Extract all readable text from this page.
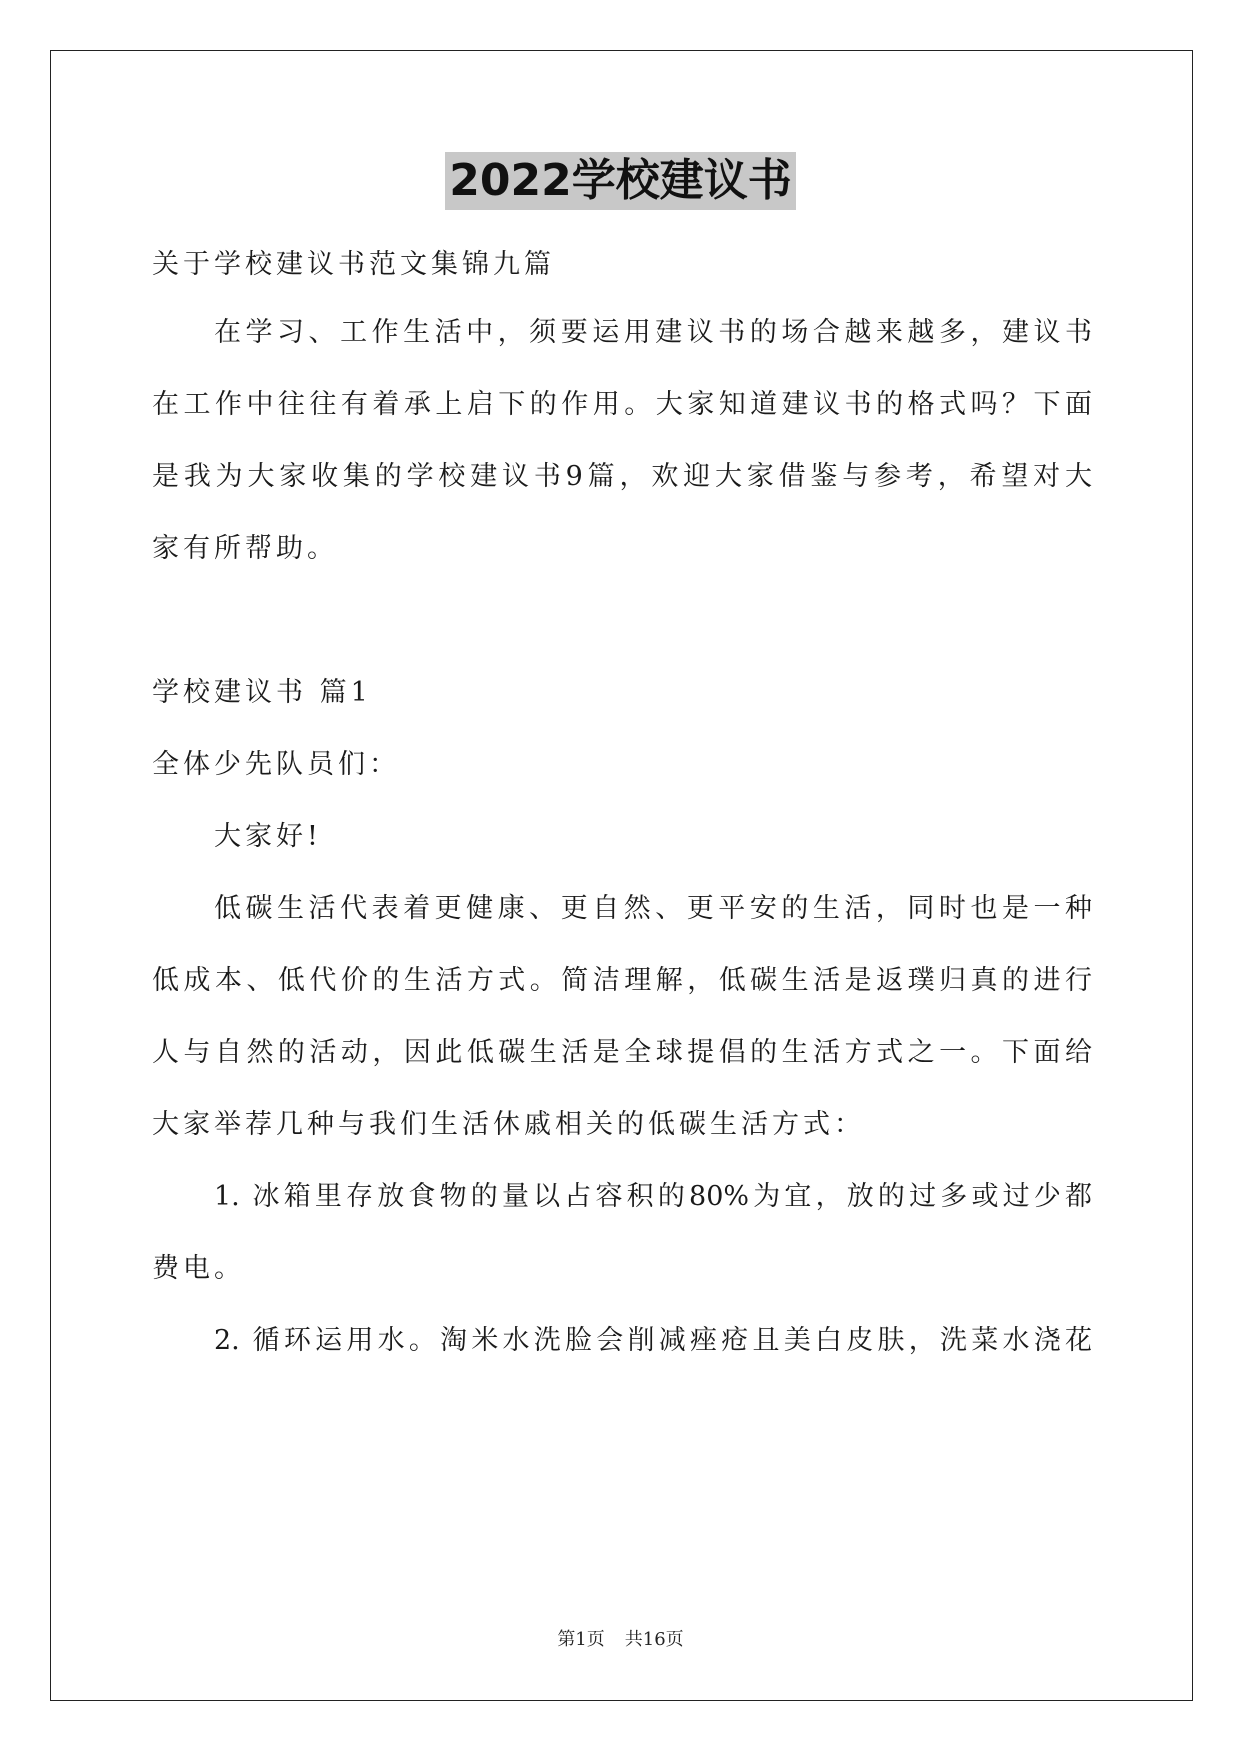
2022学校建议书
关于学校建议书范文集锦九篇
在学习、工作生活中，须要运用建议书的场合越来越多，建议书
在工作中往往有着承上启下的作用。大家知道建议书的格式吗？下面
是我为大家收集的学校建议书9篇，欢迎大家借鉴与参考，希望对大
家有所帮助。
学校建议书 篇1
全体少先队员们：
大家好!
低碳生活代表着更健康、更自然、更平安的生活，同时也是一种
低成本、低代价的生活方式。简洁理解，低碳生活是返璞归真的进行
人与自然的活动，因此低碳生活是全球提倡的生活方式之一。下面给
大家举荐几种与我们生活休戚相关的低碳生活方式：
1. 冰箱里存放食物的量以占容积的80%为宜，放的过多或过少都
费电。
2. 循环运用水。淘米水洗脸会削减痤疮且美白皮肤，洗菜水浇花
第1页 共16页
